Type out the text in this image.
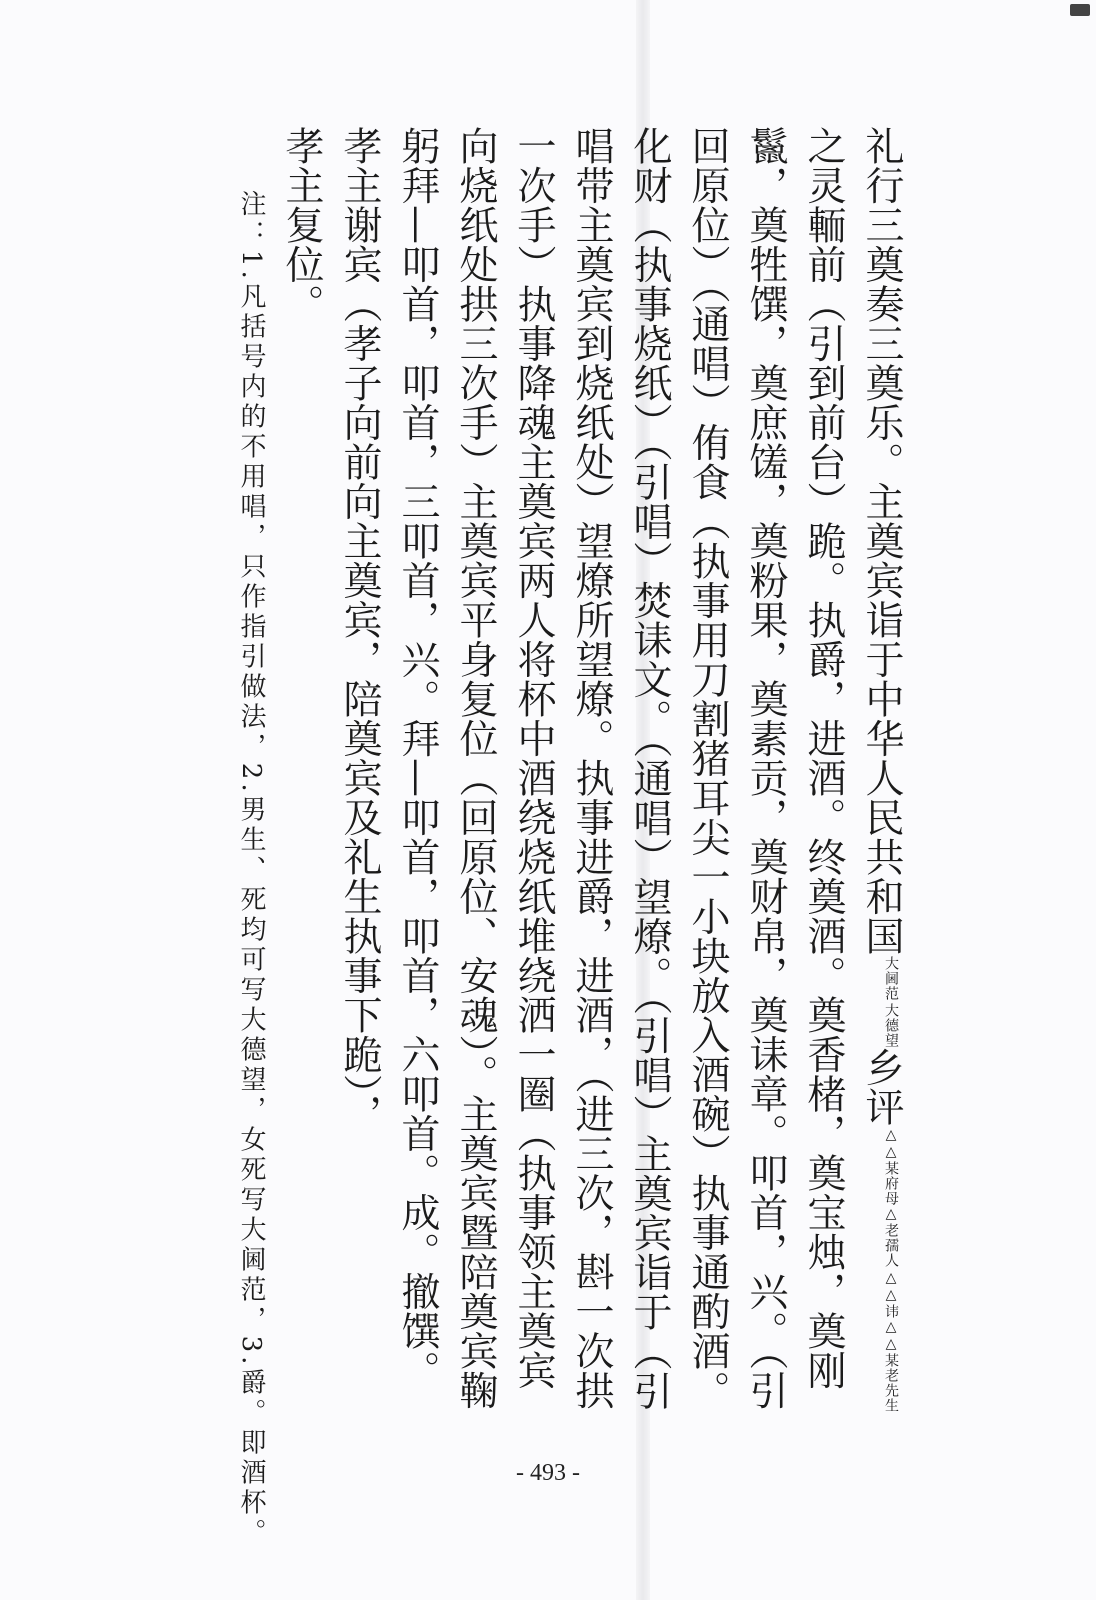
礼行三奠奏三奠乐。主奠宾诣于中华人民共和国
大德望
大阃范
乡评
△△讳△△某老先生
△△某府母△老孺人
之灵輀前（引到前台）跪。执爵，进酒。终奠酒。奠香楮，奠宝烛，奠刚鬣，奠牲馔，奠庶馐，奠粉果，奠素贡，奠财帛，奠诔章。叩首，兴。（引回原位）（通唱）侑食（执事用刀割猪耳尖一小块放入酒碗）执事通酌酒。化财（执事烧纸）（引唱）焚诔文。（通唱）望燎。（引唱）主奠宾诣于（引唱带主奠宾到烧纸处）望燎所望燎。执事进爵，进酒，（进三次，斟一次拱一次手）执事降魂主奠宾两人将杯中酒绕烧纸堆绕洒一圈（执事领主奠宾向烧纸处拱三次手）主奠宾平身复位（回原位、安魂）。主奠宾暨陪奠宾鞠躬拜—叩首，叩首，三叩首，兴。拜—叩首，叩首，六叩首。成。撤馔。孝主谢宾（孝子向前向主奠宾，陪奠宾及礼生执事下跪），
孝主复位。
注：1.凡括号内的不用唱，只作指引做法，2.男生、死均可写大德望，女死写大阃范，3.爵。即酒杯。	- 493 -
